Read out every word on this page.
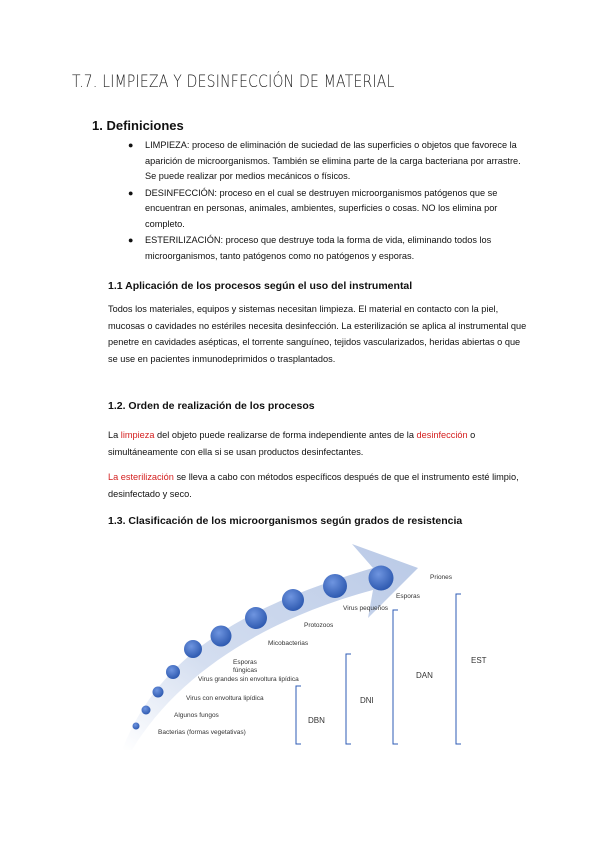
T.7. LIMPIEZA Y DESINFECCIÓN DE MATERIAL
1. Definiciones
● LIMPIEZA: proceso de eliminación de suciedad de las superficies o objetos que favorece la aparición de microorganismos. También se elimina parte de la carga bacteriana por arrastre. Se puede realizar por medios mecánicos o físicos.
● DESINFECCIÓN: proceso en el cual se destruyen microorganismos patógenos que se encuentran en personas, animales, ambientes, superficies o cosas. NO los elimina por completo.
● ESTERILIZACIÓN: proceso que destruye toda la forma de vida, eliminando todos los microorganismos, tanto patógenos como no patógenos y esporas.
1.1 Aplicación de los procesos según el uso del instrumental

Todos los materiales, equipos y sistemas necesitan limpieza. El material en contacto con la piel, mucosas o cavidades no estériles necesita desinfección. La esterilización se aplica al instrumental que penetre en cavidades asépticas, el torrente sanguíneo, tejidos vascularizados, heridas abiertas o que se use en pacientes inmunodeprimidos o trasplantados.

1.2. Orden de realización de los procesos

La limpieza del objeto puede realizarse de forma independiente antes de la desinfección o simultáneamente con ella si se usan productos desinfectantes.

La esterilización se lleva a cabo con métodos específicos después de que el instrumento esté limpio, desinfectado y seco.

1.3. Clasificación de los microorganismos según grados de resistencia
Priones
Esporas
Virus pequeños
Protozoos
Micobacterias
Esporas
fúngicas
Virus grandes sin envoltura lipídica
Virus con envoltura lipídica
Algunos fungos
Bacterias (formas vegetativas)
DBN
DNI
DAN
EST
